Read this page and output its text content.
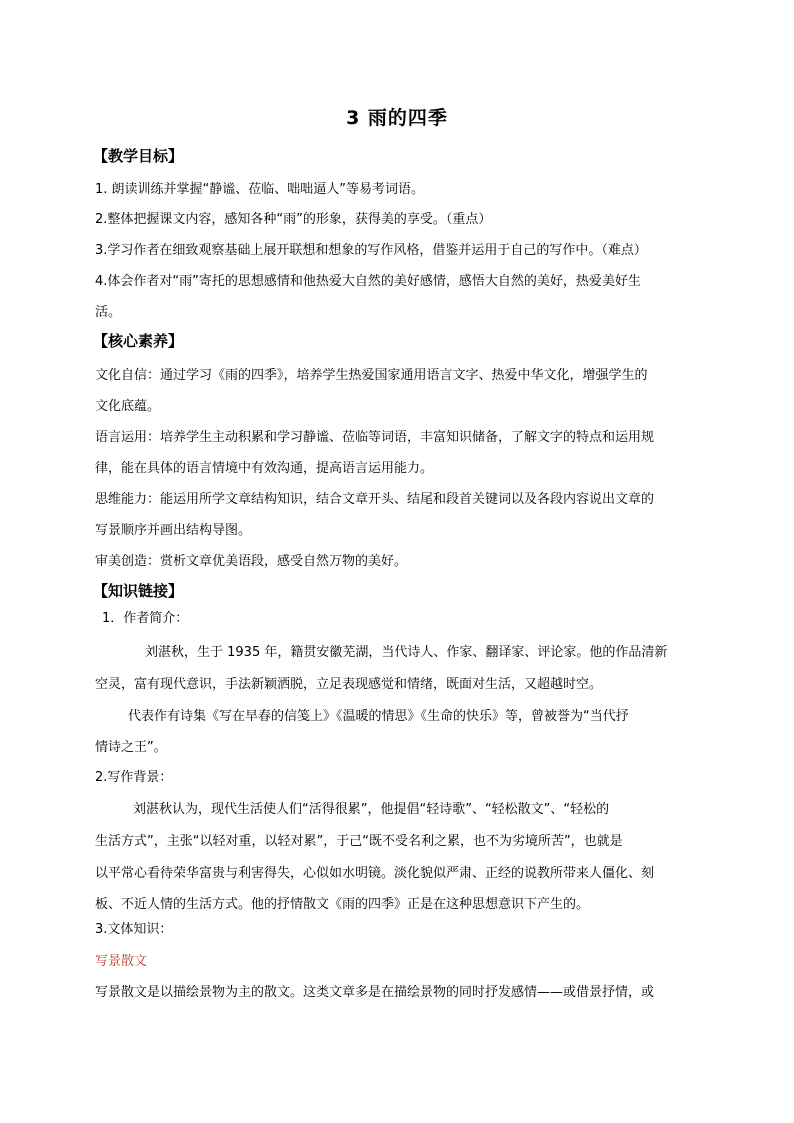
3 雨的四季
【教学目标】
1. 朗读训练并掌握“静谧、莅临、咄咄逼人”等易考词语。
2.整体把握课文内容，感知各种“雨”的形象，获得美的享受。（重点）
3.学习作者在细致观察基础上展开联想和想象的写作风格，借鉴并运用于自己的写作中。（难点）
4.体会作者对“雨”寄托的思想感情和他热爱大自然的美好感情，感悟大自然的美好，热爱美好生
活。
【核心素养】
文化自信：通过学习《雨的四季》，培养学生热爱国家通用语言文字、热爱中华文化，增强学生的
文化底蕴。
语言运用：培养学生主动积累和学习静谧、莅临等词语，丰富知识储备，了解文字的特点和运用规
律，能在具体的语言情境中有效沟通，提高语言运用能力。
思维能力：能运用所学文章结构知识，结合文章开头、结尾和段首关键词以及各段内容说出文章的
写景顺序并画出结构导图。
审美创造：赏析文章优美语段，感受自然万物的美好。
【知识链接】
1．作者简介：
刘湛秋，生于 1935 年，籍贯安徽芜湖，当代诗人、作家、翻译家、评论家。他的作品清新
空灵，富有现代意识，手法新颖洒脱，立足表现感觉和情绪，既面对生活，又超越时空。
代表作有诗集《写在早春的信笺上》《温暖的情思》《生命的快乐》等，曾被誉为“当代抒
情诗之王”。
2.写作背景：
刘湛秋认为，现代生活使人们“活得很累”，他提倡“轻诗歌”、“轻松散文”、“轻松的
生活方式”，主张“以轻对重，以轻对累”，于己“既不受名利之累，也不为劣境所苦”，也就是
以平常心看待荣华富贵与利害得失，心似如水明镜。淡化貌似严肃、正经的说教所带来人僵化、刻
板、不近人情的生活方式。他的抒情散文《雨的四季》正是在这种思想意识下产生的。
3.文体知识：
写景散文
写景散文是以描绘景物为主的散文。这类文章多是在描绘景物的同时抒发感情——或借景抒情，或
